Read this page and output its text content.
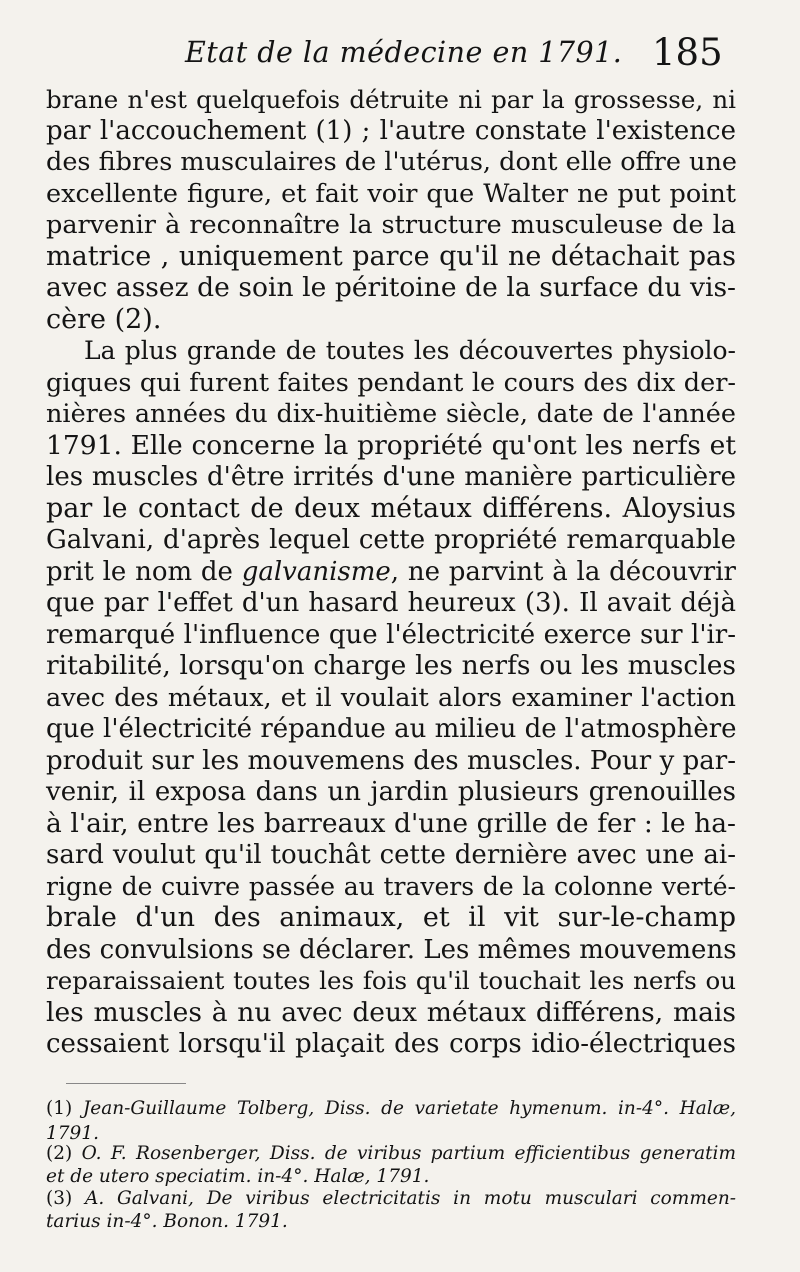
Etat de la médecine en 1791. 185
brane n'est quelquefois détruite ni par la grossesse, ni
par l'accouchement (1) ; l'autre constate l'existence
des fibres musculaires de l'utérus, dont elle offre une
excellente figure, et fait voir que Walter ne put point
parvenir à reconnaître la structure musculeuse de la
matrice , uniquement parce qu'il ne détachait pas
avec assez de soin le péritoine de la surface du vis-
cère (2).
La plus grande de toutes les découvertes physiolo-
giques qui furent faites pendant le cours des dix der-
nières années du dix-huitième siècle, date de l'année
1791. Elle concerne la propriété qu'ont les nerfs et
les muscles d'être irrités d'une manière particulière
par le contact de deux métaux différens. Aloysius
Galvani, d'après lequel cette propriété remarquable
prit le nom de galvanisme, ne parvint à la découvrir
que par l'effet d'un hasard heureux (3). Il avait déjà
remarqué l'influence que l'électricité exerce sur l'ir-
ritabilité, lorsqu'on charge les nerfs ou les muscles
avec des métaux, et il voulait alors examiner l'action
que l'électricité répandue au milieu de l'atmosphère
produit sur les mouvemens des muscles. Pour y par-
venir, il exposa dans un jardin plusieurs grenouilles
à l'air, entre les barreaux d'une grille de fer : le ha-
sard voulut qu'il touchât cette dernière avec une ai-
rigne de cuivre passée au travers de la colonne verté-
brale d'un des animaux, et il vit sur-le-champ
des convulsions se déclarer. Les mêmes mouvemens
reparaissaient toutes les fois qu'il touchait les nerfs ou
les muscles à nu avec deux métaux différens, mais
cessaient lorsqu'il plaçait des corps idio-électriques
(1) Jean-Guillaume Tolberg, Diss. de varietate hymenum. in-4°. Halæ,
1791.
(2) O. F. Rosenberger, Diss. de viribus partium efficientibus generatim
et de utero speciatim. in-4°. Halæ, 1791.
(3) A. Galvani, De viribus electricitatis in motu musculari commen-
tarius in-4°. Bonon. 1791.
